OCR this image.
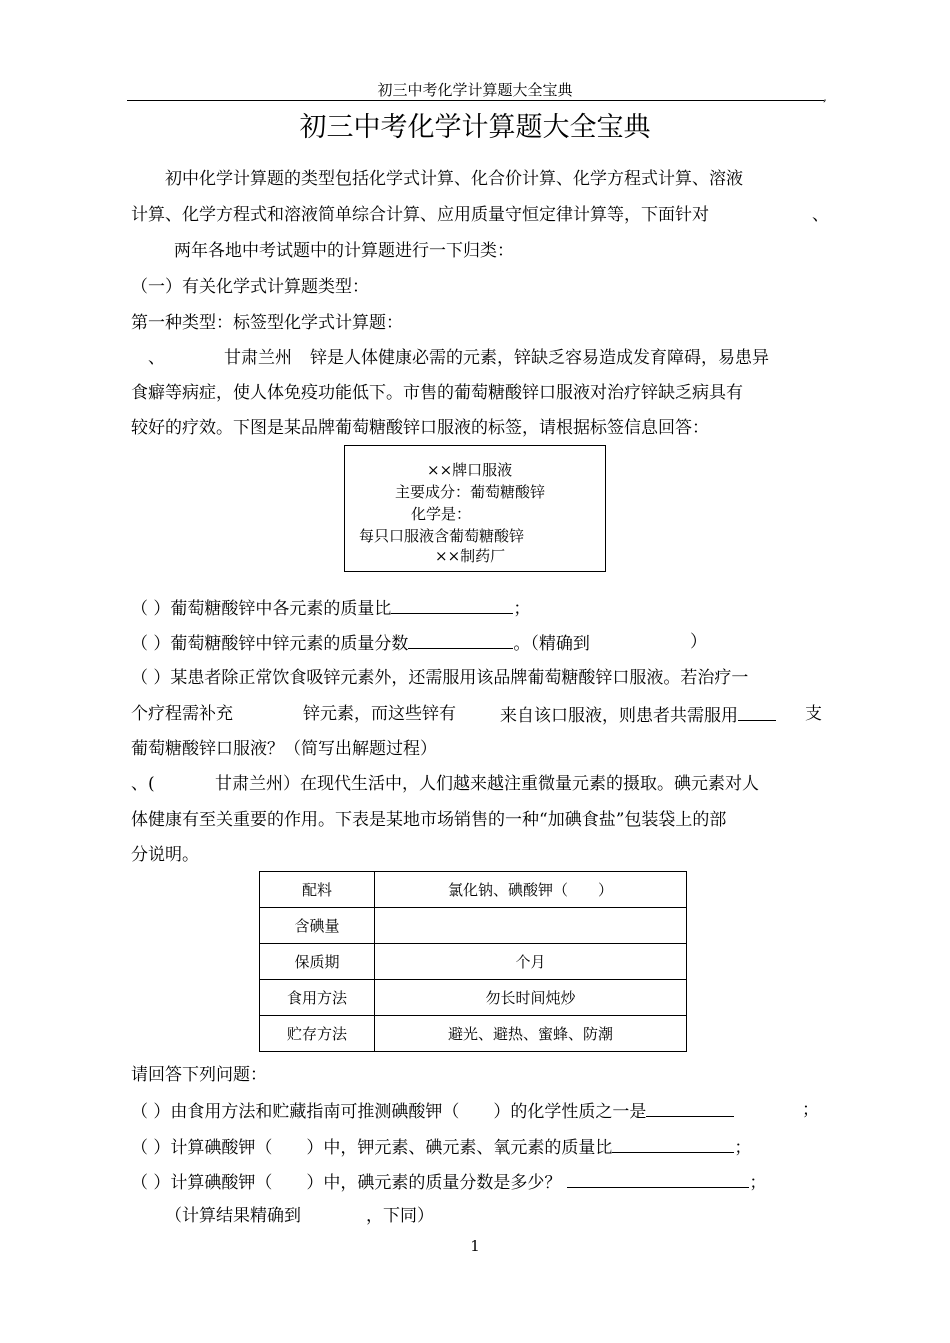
初三中考化学计算题大全宝典	,
初三中考化学计算题大全宝典
初中化学计算题的类型包括化学式计算、化合价计算、化学方程式计算、溶液
计算、化学方程式和溶液简单综合计算、应用质量守恒定律计算等，下面针对	、
两年各地中考试题中的计算题进行一下归类：
（一）有关化学式计算题类型：
第一种类型：标签型化学式计算题：
、	甘肃兰州 锌是人体健康必需的元素，锌缺乏容易造成发育障碍，易患异
食癖等病症，使人体免疫功能低下。市售的葡萄糖酸锌口服液对治疗锌缺乏病具有
较好的疗效。下图是某品牌葡萄糖酸锌口服液的标签，请根据标签信息回答：
××牌口服液
主要成分：葡萄糖酸锌
化学是：
每只口服液含葡萄糖酸锌
××制药厂
（ ）葡萄糖酸锌中各元素的质量比	；
（ ）葡萄糖酸锌中锌元素的质量分数	。（精确到	）
（ ）某患者除正常饮食吸锌元素外，还需服用该品牌葡萄糖酸锌口服液。若治疗一
个疗程需补充	锌元素，而这些锌有	来自该口服液，则患者共需服用	支
葡萄糖酸锌口服液？（简写出解题过程）
、(	甘肃兰州）在现代生活中，人们越来越注重微量元素的摄取。碘元素对人
体健康有至关重要的作用。下表是某地市场销售的一种“加碘食盐”包装袋上的部
分说明。
配料	氯化钠、碘酸钾（　　）
含碘量	
保质期	个月
食用方法	勿长时间炖炒
贮存方法	避光、避热、蜜蜂、防潮
请回答下列问题：
（ ）由食用方法和贮藏指南可推测碘酸钾（　　）的化学性质之一是	；
（ ）计算碘酸钾（　　）中，钾元素、碘元素、氧元素的质量比	；
（ ）计算碘酸钾（　　）中，碘元素的质量分数是多少？	；
（计算结果精确到	，下同）
1
